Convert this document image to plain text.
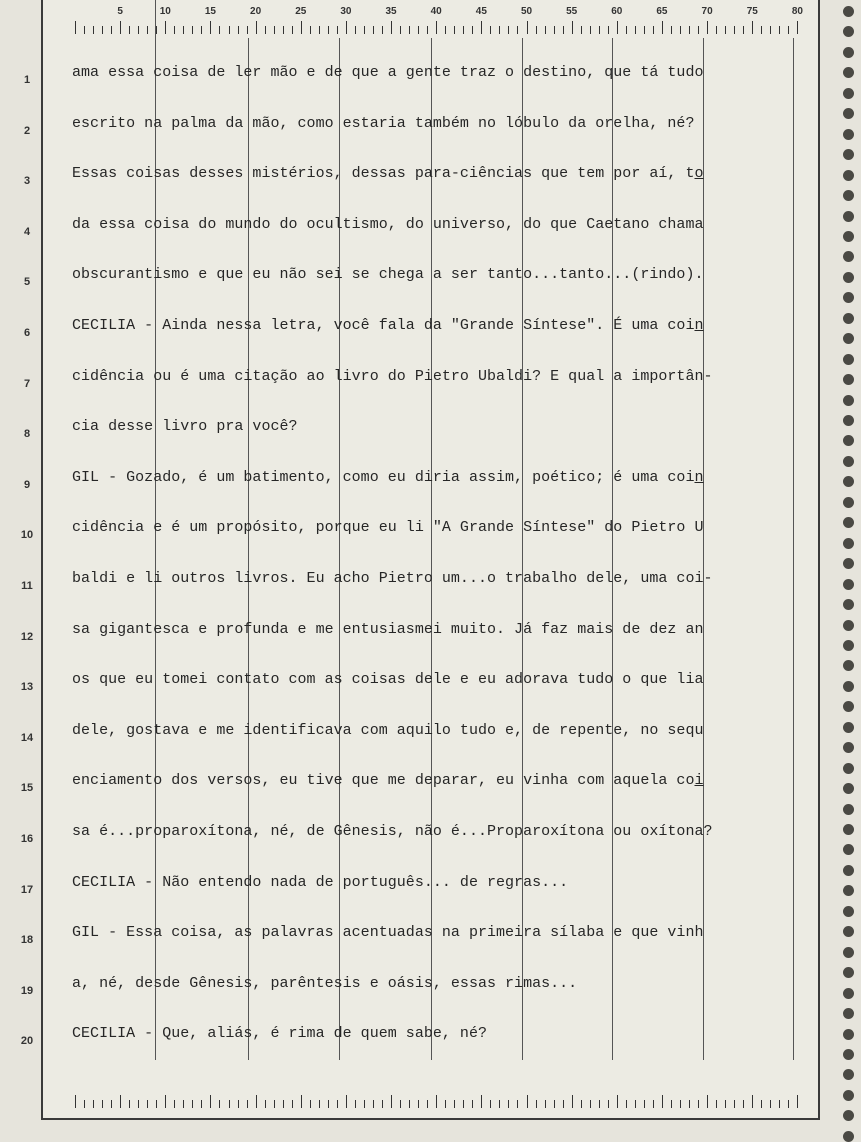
5	10	15	20	25	30	35	40	45	50	55	60	65	70	75	80
1
2
3
4
5
6
7
8
9
10
11
12
13
14
15
16
17
18
19
20
ama essa coisa de ler mão e de que a gente traz o destino, que tá tudo
escrito na palma da mão, como estaria também no lóbulo da orelha, né?
Essas coisas desses mistérios, dessas para-ciências que tem por aí, to
da essa coisa do mundo do ocultismo, do universo, do que Caetano chama
obscurantismo e que eu não sei se chega a ser tanto...tanto...(rindo).
CECILIA - Ainda nessa letra, você fala da "Grande Síntese". É uma coin
cidência ou é uma citação ao livro do Pietro Ubaldi? E qual a importân-
cia desse livro pra você?
GIL - Gozado, é um batimento, como eu diria assim, poético; é uma coin
cidência e é um propósito, porque eu li "A Grande Síntese" do Pietro U
baldi e li outros livros. Eu acho Pietro um...o trabalho dele, uma coi-
sa gigantesca e profunda e me entusiasmei muito. Já faz mais de dez an
os que eu tomei contato com as coisas dele e eu adorava tudo o que lia
dele, gostava e me identificava com aquilo tudo e, de repente, no sequ
enciamento dos versos, eu tive que me deparar, eu vinha com aquela coi
sa é...proparoxítona, né, de Gênesis, não é...Proparoxítona ou oxítona?
CECILIA - Não entendo nada de português... de regras...
GIL - Essa coisa, as palavras acentuadas na primeira sílaba e que vinh
a, né, desde Gênesis, parêntesis e oásis, essas rimas...
CECILIA - Que, aliás, é rima de quem sabe, né?
